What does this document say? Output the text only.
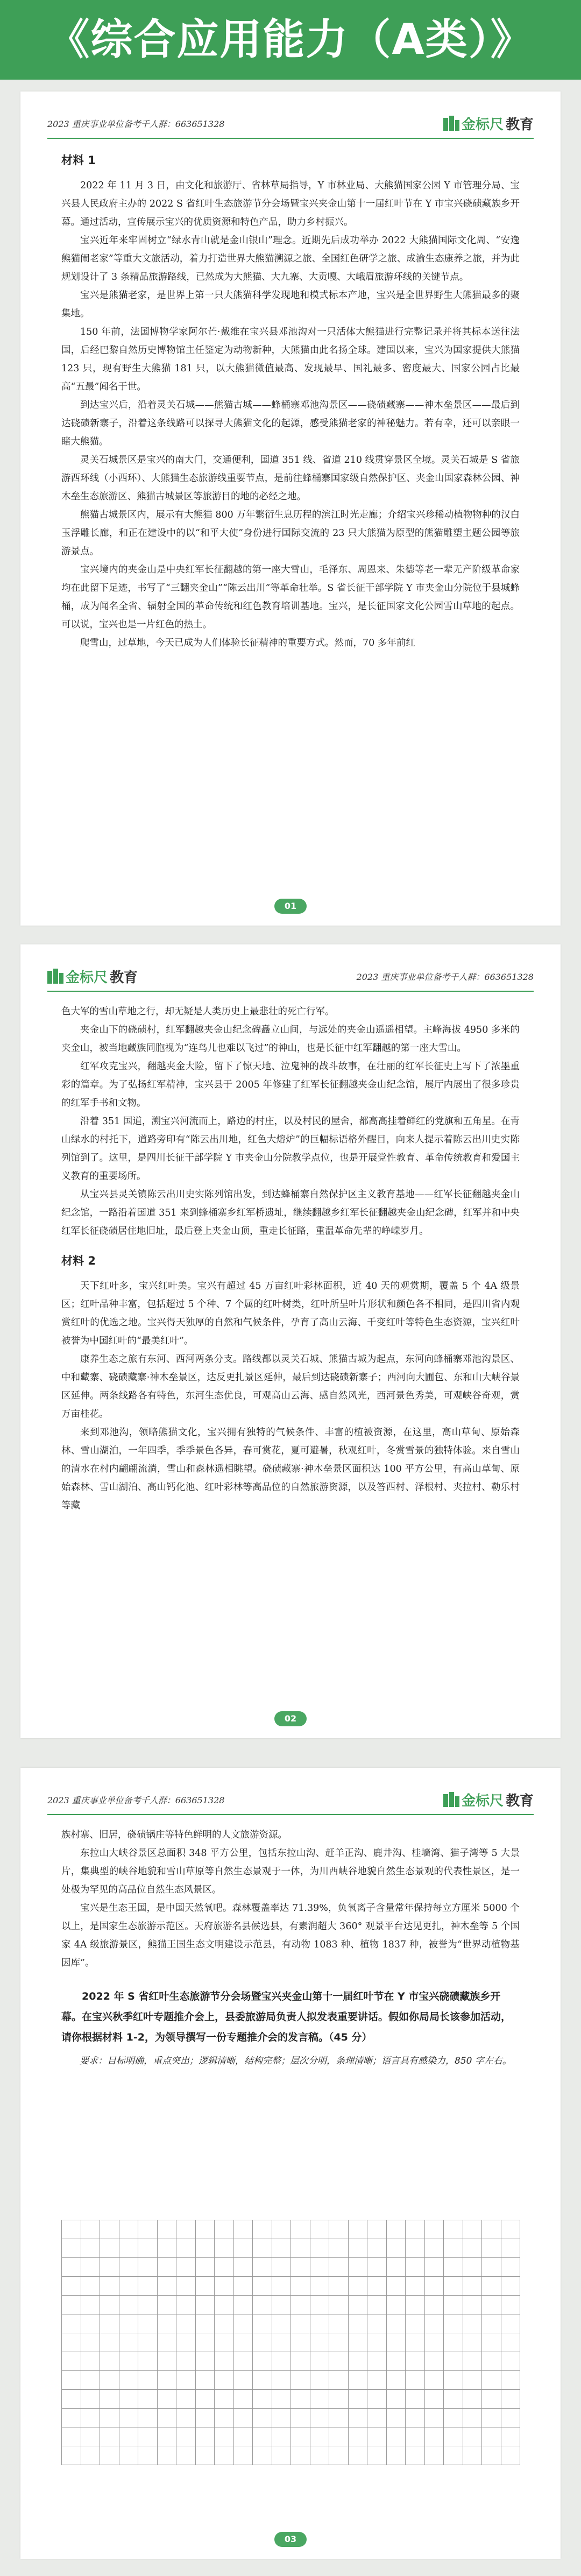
《综合应用能力（A类）》
2023 重庆事业单位备考千人群：663651328	金标尺 教育
材料 1

2022 年 11 月 3 日，由文化和旅游厅、省林草局指导，Y 市林业局、大熊猫国家公园 Y 市管理分局、宝兴县人民政府主办的 2022 S 省红叶生态旅游节分会场暨宝兴夹金山第十一届红叶节在 Y 市宝兴硗碛藏族乡开幕。通过活动，宣传展示宝兴的优质资源和特色产品，助力乡村振兴。

宝兴近年来牢固树立“绿水青山就是金山银山”理念。近期先后成功举办 2022 大熊猫国际文化周、“安逸熊猫闹老家”等重大文旅活动，着力打造世界大熊猫溯源之旅、全国红色研学之旅、成渝生态康养之旅，并为此规划设计了 3 条精品旅游路线，已然成为大熊猫、大九寨、大贡嘎、大峨眉旅游环线的关键节点。

宝兴是熊猫老家，是世界上第一只大熊猫科学发现地和模式标本产地，宝兴是全世界野生大熊猫最多的聚集地。

150 年前，法国博物学家阿尔芒·戴维在宝兴县邓池沟对一只活体大熊猫进行完整记录并将其标本送往法国，后经巴黎自然历史博物馆主任鉴定为动物新种，大熊猫由此名扬全球。建国以来，宝兴为国家提供大熊猫 123 只，现有野生大熊猫 181 只，以大熊猫微值最高、发现最早、国礼最多、密度最大、国家公园占比最高“五最”闻名于世。

到达宝兴后，沿着灵关石城——熊猫古城——蜂桶寨邓池沟景区——硗碛藏寨——神木垒景区——最后到达硗碛新寨子，沿着这条线路可以探寻大熊猫文化的起源，感受熊猫老家的神秘魅力。若有幸，还可以亲眼一睹大熊猫。

灵关石城景区是宝兴的南大门，交通便利，国道 351 线、省道 210 线贯穿景区全境。灵关石城是 S 省旅游西环线（小西环）、大熊猫生态旅游线重要节点，是前往蜂桶寨国家级自然保护区、夹金山国家森林公园、神木垒生态旅游区、熊猫古城景区等旅游目的地的必经之地。

熊猫古城景区内，展示有大熊猫 800 万年繁衍生息历程的滨江时光走廊；介绍宝兴珍稀动植物物种的汉白玉浮雕长廊，和正在建设中的以“和平大使”身份进行国际交流的 23 只大熊猫为原型的熊猫雕塑主题公园等旅游景点。

宝兴境内的夹金山是中央红军长征翻越的第一座大雪山，毛泽东、周恩来、朱德等老一辈无产阶级革命家均在此留下足迹，书写了“三翻夹金山”“陈云出川”等革命壮举。S 省长征干部学院 Y 市夹金山分院位于县城蜂桶，成为闻名全省、辐射全国的革命传统和红色教育培训基地。宝兴，是长征国家文化公园雪山草地的起点。可以说，宝兴也是一片红色的热土。

爬雪山，过草地，今天已成为人们体验长征精神的重要方式。然而，70 多年前红

01
金标尺 教育	2023 重庆事业单位备考千人群：663651328

色大军的雪山草地之行，却无疑是人类历史上最悲壮的死亡行军。

夹金山下的硗碛村，红军翻越夹金山纪念碑矗立山间，与远处的夹金山遥遥相望。主峰海拔 4950 多米的夹金山，被当地藏族同胞视为“连鸟儿也难以飞过”的神山，也是长征中红军翻越的第一座大雪山。

红军攻克宝兴，翻越夹金大险，留下了惊天地、泣鬼神的战斗故事，在壮丽的红军长征史上写下了浓墨重彩的篇章。为了弘扬红军精神，宝兴县于 2005 年修建了红军长征翻越夹金山纪念馆，展厅内展出了很多珍贵的红军手书和文物。

沿着 351 国道，溯宝兴河流而上，路边的村庄，以及村民的屋舍，都高高挂着鲜红的党旗和五角星。在青山绿水的村托下，道路旁印有“陈云出川地，红色大熔炉”的巨幅标语格外醒目，向来人提示着陈云出川史实陈列馆到了。这里，是四川长征干部学院 Y 市夹金山分院教学点位，也是开展党性教育、革命传统教育和爱国主义教育的重要场所。

从宝兴县灵关镇陈云出川史实陈列馆出发，到达蜂桶寨自然保护区主义教育基地——红军长征翻越夹金山纪念馆，一路沿着国道 351 来到蜂桶寨乡红军桥遗址，继续翻越乡红军长征翻越夹金山纪念碑，红军并和中央红军长征硗碛居住地旧址，最后登上夹金山顶，重走长征路，重温革命先辈的峥嵘岁月。

材料 2

天下红叶多，宝兴红叶美。宝兴有超过 45 万亩红叶彩林面积，近 40 天的观赏期，覆盖 5 个 4A 级景区；红叶品种丰富，包括超过 5 个种、7 个属的红叶树类，红叶所呈叶片形状和颜色各不相同，是四川省内观赏红叶的优选之地。宝兴得天独厚的自然和气候条件，孕育了高山云海、千变红叶等特色生态资源，宝兴红叶被誉为中国红叶的“最美红叶”。

康养生态之旅有东河、西河两条分支。路线都以灵关石城、熊猫古城为起点，东河向蜂桶寨邓池沟景区、中和藏寨、硗碛藏寨·神木垒景区，达反更扎景区延伸，最后到达硗碛新寨子；西河向大圃包、东和山大峡谷景区延伸。两条线路各有特色，东河生态优良，可观高山云海、感自然风光，西河景色秀美，可观峡谷奇观，赏万亩桂花。

来到邓池沟，领略熊猫文化，宝兴拥有独特的气候条件、丰富的植被资源，在这里，高山草甸、原始森林、雪山湖泊，一年四季，季季景色各异，春可赏花，夏可避暑，秋观红叶，冬赏雪景的独特体验。来自雪山的清水在村内翩翩流淌，雪山和森林遥相眺望。硗碛藏寨·神木垒景区面积达 100 平方公里，有高山草甸、原始森林、雪山湖泊、高山钙化池、红叶彩林等高品位的自然旅游资源，以及答西村、泽根村、夹拉村、勒乐村等藏

02
2023 重庆事业单位备考千人群：663651328	金标尺 教育

族村寨、旧居，硗碛锅庄等特色鲜明的人文旅游资源。

东拉山大峡谷景区总面积 348 平方公里，包括东拉山沟、赶羊正沟、鹿井沟、桂墙湾、猫子湾等 5 大景片，集典型的峡谷地貌和雪山草原等自然生态景观于一体，为川西峡谷地貌自然生态景观的代表性景区，是一处极为罕见的高品位自然生态风景区。

宝兴是生态王国，是中国天然氧吧。森林覆盖率达 71.39%，负氧离子含量常年保持每立方厘米 5000 个以上，是国家生态旅游示范区。天府旅游名县候选县，有素润超大 360° 观景平台达见更扎，神木垒等 5 个国家 4A 级旅游景区，熊猫王国生态文明建设示范县，有动物 1083 种、植物 1837 种，被誉为“世界动植物基因库”。

2022 年 S 省红叶生态旅游节分会场暨宝兴夹金山第十一届红叶节在 Y 市宝兴硗碛藏族乡开幕。在宝兴秋季红叶专题推介会上，县委旅游局负责人拟发表重要讲话。假如你局局长该参加活动，请你根据材料 1-2，为领导撰写一份专题推介会的发言稿。（45 分）

要求：目标明确，重点突出；逻辑清晰，结构完整；层次分明，条理清晰；语言具有感染力，850 字左右。

03
